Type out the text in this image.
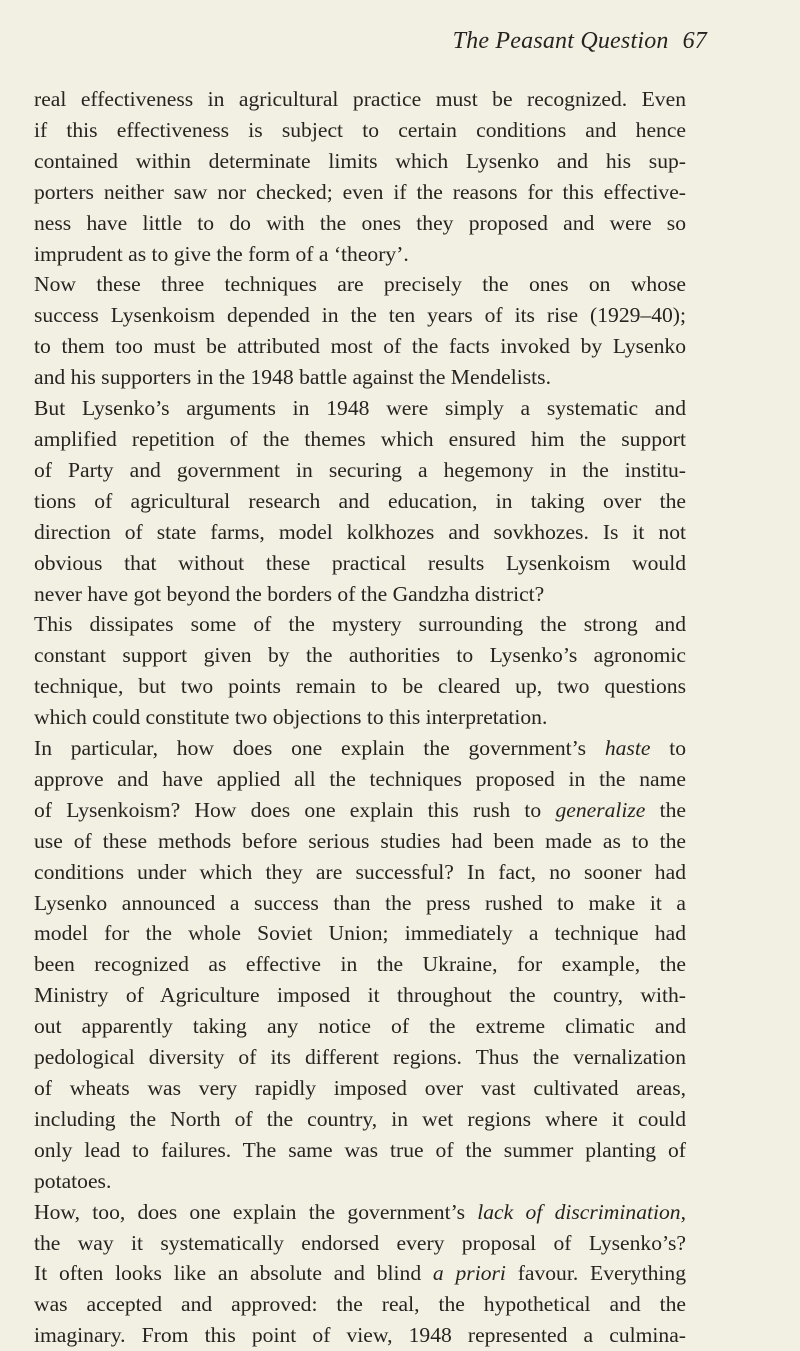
The Peasant Question 67

real effectiveness in agricultural practice must be recognized. Even
if this effectiveness is subject to certain conditions and hence
contained within determinate limits which Lysenko and his sup-
porters neither saw nor checked; even if the reasons for this effective-
ness have little to do with the ones they proposed and were so
imprudent as to give the form of a ‘theory’.

Now these three techniques are precisely the ones on whose
success Lysenkoism depended in the ten years of its rise (1929–40);
to them too must be attributed most of the facts invoked by Lysenko
and his supporters in the 1948 battle against the Mendelists.

But Lysenko’s arguments in 1948 were simply a systematic and
amplified repetition of the themes which ensured him the support
of Party and government in securing a hegemony in the institu-
tions of agricultural research and education, in taking over the
direction of state farms, model kolkhozes and sovkhozes. Is it not
obvious that without these practical results Lysenkoism would
never have got beyond the borders of the Gandzha district?

This dissipates some of the mystery surrounding the strong and
constant support given by the authorities to Lysenko’s agronomic
technique, but two points remain to be cleared up, two questions
which could constitute two objections to this interpretation.

In particular, how does one explain the government’s haste to
approve and have applied all the techniques proposed in the name
of Lysenkoism? How does one explain this rush to generalize the
use of these methods before serious studies had been made as to the
conditions under which they are successful? In fact, no sooner had
Lysenko announced a success than the press rushed to make it a
model for the whole Soviet Union; immediately a technique had
been recognized as effective in the Ukraine, for example, the
Ministry of Agriculture imposed it throughout the country, with-
out apparently taking any notice of the extreme climatic and
pedological diversity of its different regions. Thus the vernalization
of wheats was very rapidly imposed over vast cultivated areas,
including the North of the country, in wet regions where it could
only lead to failures. The same was true of the summer planting of
potatoes.

How, too, does one explain the government’s lack of discrimination,
the way it systematically endorsed every proposal of Lysenko’s?
It often looks like an absolute and blind a priori favour. Everything
was accepted and approved: the real, the hypothetical and the
imaginary. From this point of view, 1948 represented a culmina-
